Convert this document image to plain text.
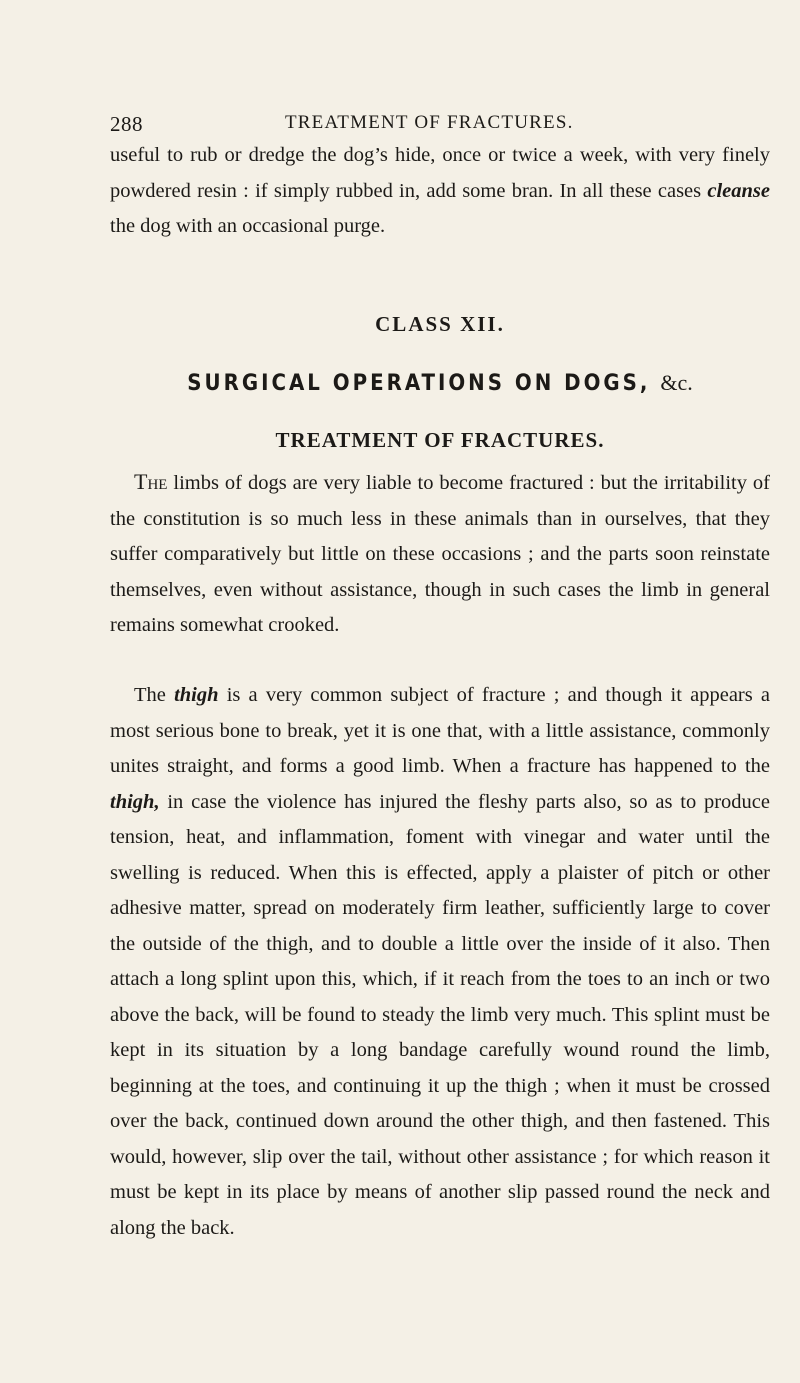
288	TREATMENT OF FRACTURES.

useful to rub or dredge the dog’s hide, once or twice a week, with very finely powdered resin : if simply rubbed in, add some bran. In all these cases cleanse the dog with an occasional purge.

CLASS XII.
SURGICAL OPERATIONS ON DOGS, &c.
TREATMENT OF FRACTURES.

The limbs of dogs are very liable to become fractured : but the irritability of the constitution is so much less in these animals than in ourselves, that they suffer comparatively but little on these occasions ; and the parts soon reinstate themselves, even without assistance, though in such cases the limb in general remains somewhat crooked.

The thigh is a very common subject of fracture ; and though it appears a most serious bone to break, yet it is one that, with a little assistance, commonly unites straight, and forms a good limb. When a fracture has happened to the thigh, in case the violence has injured the fleshy parts also, so as to produce tension, heat, and inflammation, foment with vinegar and water until the swelling is reduced. When this is effected, apply a plaister of pitch or other adhesive matter, spread on moderately firm leather, sufficiently large to cover the outside of the thigh, and to double a little over the inside of it also. Then attach a long splint upon this, which, if it reach from the toes to an inch or two above the back, will be found to steady the limb very much. This splint must be kept in its situation by a long bandage carefully wound round the limb, beginning at the toes, and continuing it up the thigh ; when it must be crossed over the back, continued down around the other thigh, and then fastened. This would, however, slip over the tail, without other assistance ; for which reason it must be kept in its place by means of another slip passed round the neck and along the back.
